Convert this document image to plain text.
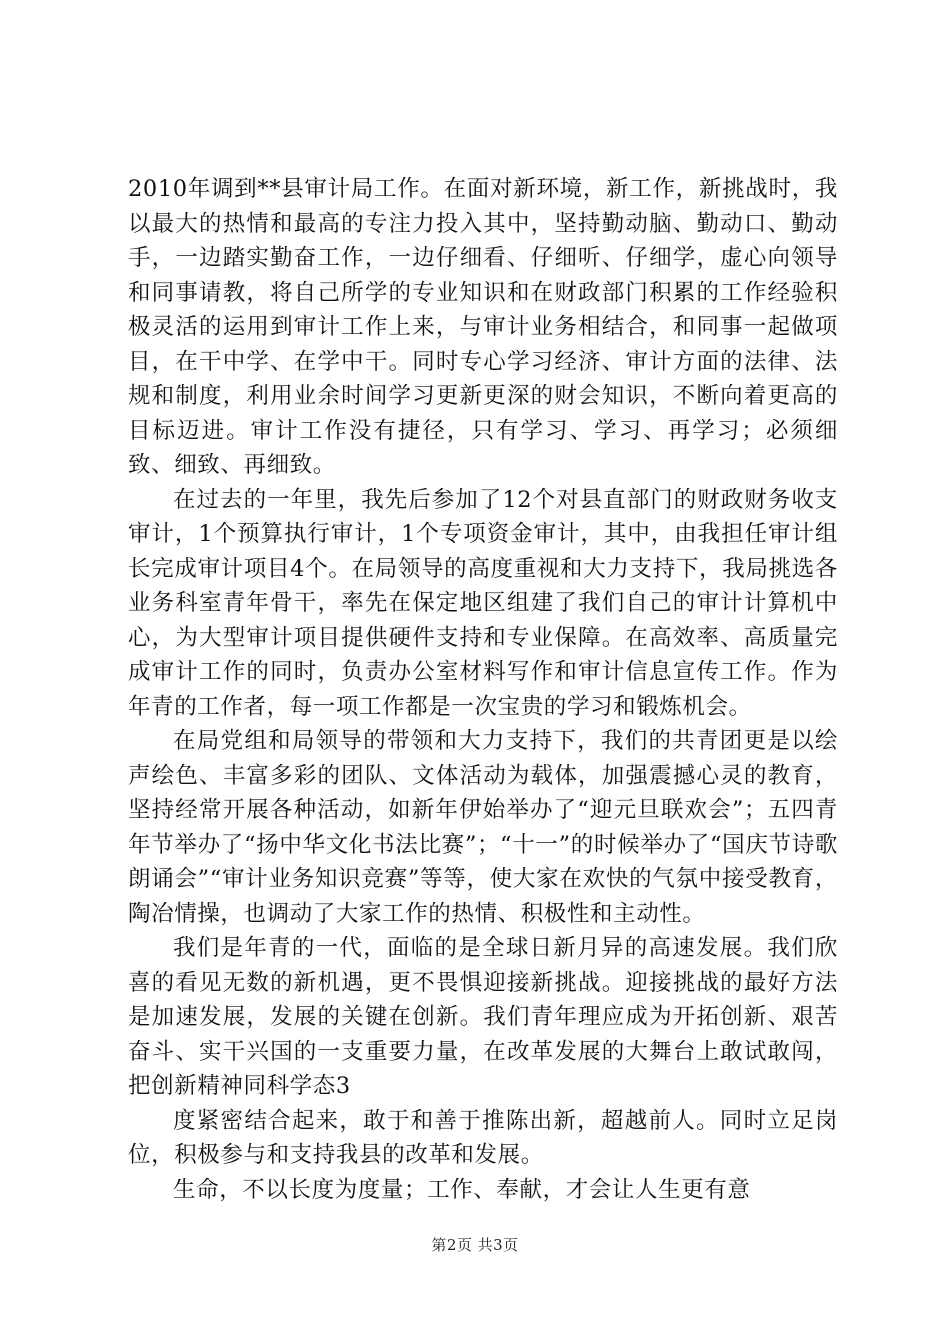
2010年调到**县审计局工作。在面对新环境，新工作，新挑战时，我以最大的热情和最高的专注力投入其中，坚持勤动脑、勤动口、勤动手，一边踏实勤奋工作，一边仔细看、仔细听、仔细学，虚心向领导和同事请教，将自己所学的专业知识和在财政部门积累的工作经验积极灵活的运用到审计工作上来，与审计业务相结合，和同事一起做项目，在干中学、在学中干。同时专心学习经济、审计方面的法律、法规和制度，利用业余时间学习更新更深的财会知识，不断向着更高的目标迈进。审计工作没有捷径，只有学习、学习、再学习；必须细致、细致、再细致。

在过去的一年里，我先后参加了12个对县直部门的财政财务收支审计，1个预算执行审计，1个专项资金审计，其中，由我担任审计组长完成审计项目4个。在局领导的高度重视和大力支持下，我局挑选各业务科室青年骨干，率先在保定地区组建了我们自己的审计计算机中心，为大型审计项目提供硬件支持和专业保障。在高效率、高质量完成审计工作的同时，负责办公室材料写作和审计信息宣传工作。作为年青的工作者，每一项工作都是一次宝贵的学习和锻炼机会。

在局党组和局领导的带领和大力支持下，我们的共青团更是以绘声绘色、丰富多彩的团队、文体活动为载体，加强震撼心灵的教育，坚持经常开展各种活动，如新年伊始举办了“迎元旦联欢会”；五四青年节举办了“扬中华文化书法比赛”；“十一”的时候举办了“国庆节诗歌朗诵会”“审计业务知识竞赛”等等，使大家在欢快的气氛中接受教育，陶冶情操，也调动了大家工作的热情、积极性和主动性。

我们是年青的一代，面临的是全球日新月异的高速发展。我们欣喜的看见无数的新机遇，更不畏惧迎接新挑战。迎接挑战的最好方法是加速发展，发展的关键在创新。我们青年理应成为开拓创新、艰苦奋斗、实干兴国的一支重要力量，在改革发展的大舞台上敢试敢闯，把创新精神同科学态3

度紧密结合起来，敢于和善于推陈出新，超越前人。同时立足岗位，积极参与和支持我县的改革和发展。

生命，不以长度为度量；工作、奉献，才会让人生更有意

第2页 共3页
